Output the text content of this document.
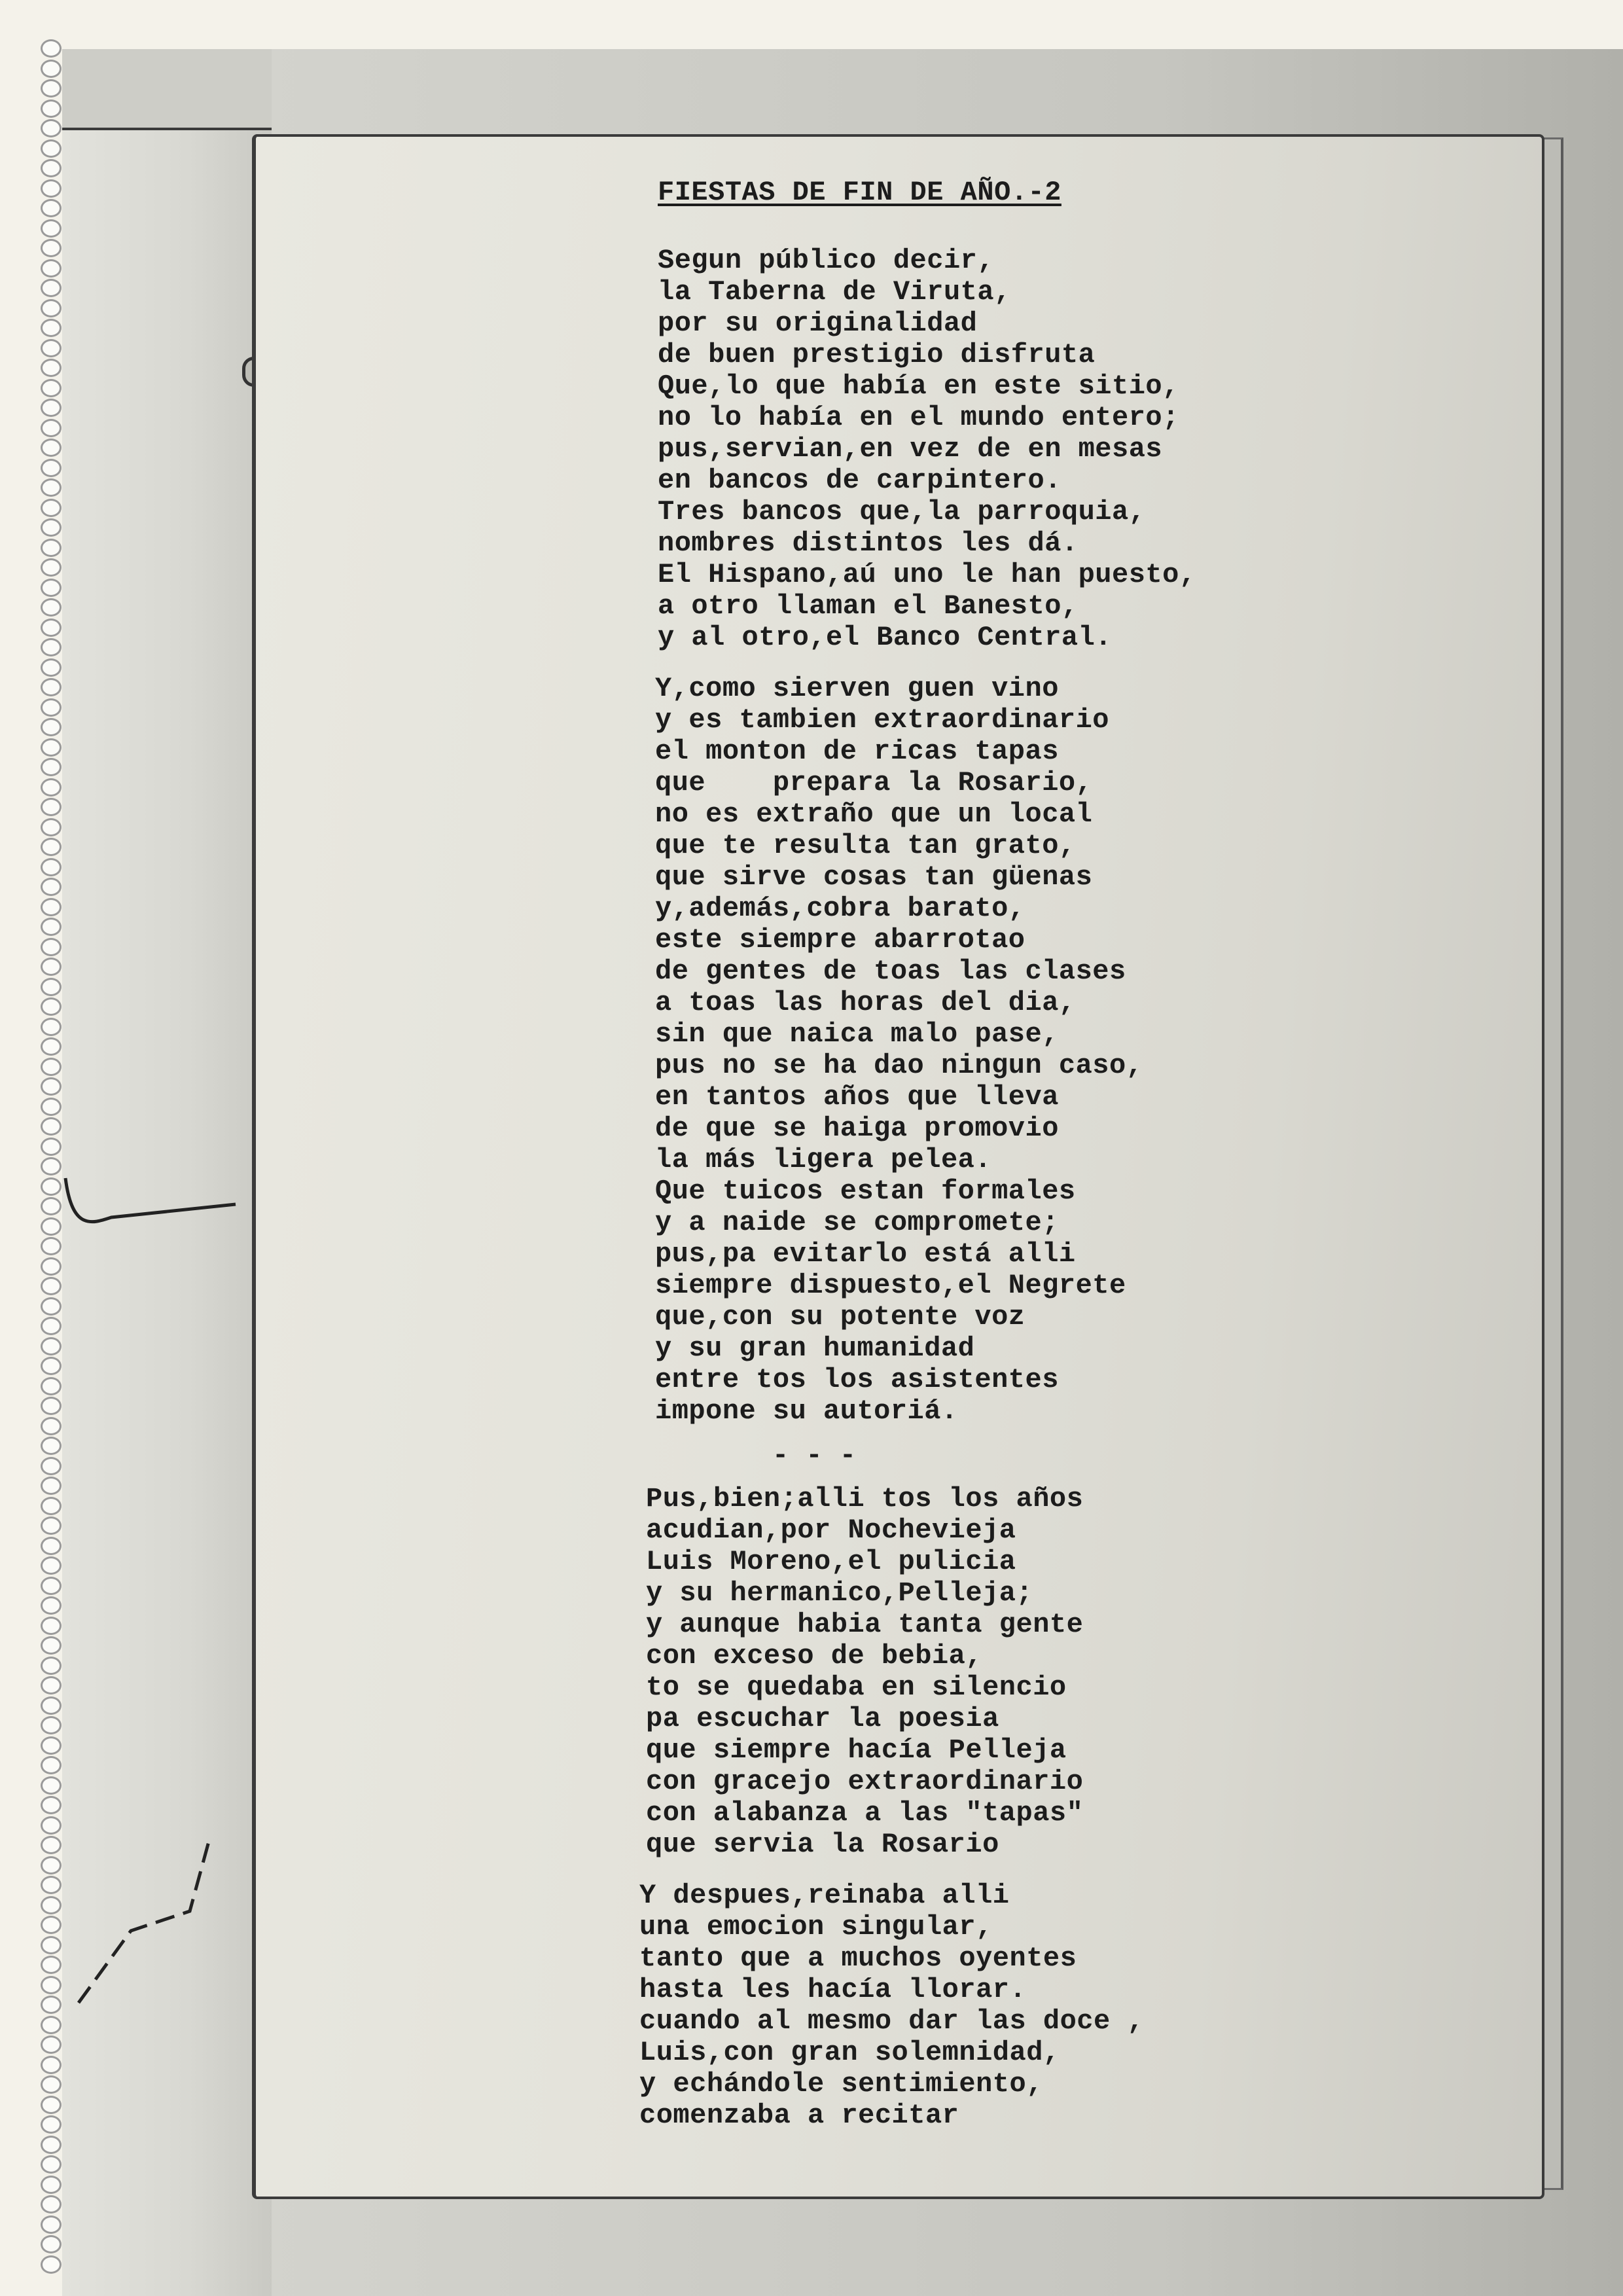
FIESTAS DE FIN DE AÑO.-2
Segun público decir,
la Taberna de Viruta,
por su originalidad
de buen prestigio disfruta
Que,lo que había en este sitio,
no lo había en el mundo entero;
pus,servian,en vez de en mesas
en bancos de carpintero.
Tres bancos que,la parroquia,
nombres distintos les dá.
El Hispano,aú uno le han puesto,
a otro llaman el Banesto,
y al otro,el Banco Central.
Y,como sierven guen vino
y es tambien extraordinario
el monton de ricas tapas
que    prepara la Rosario,
no es extraño que un local
que te resulta tan grato,
que sirve cosas tan güenas
y,además,cobra barato,
este siempre abarrotao
de gentes de toas las clases
a toas las horas del dia,
sin que naica malo pase,
pus no se ha dao ningun caso,
en tantos años que lleva
de que se haiga promovio
la más ligera pelea.
Que tuicos estan formales
y a naide se compromete;
pus,pa evitarlo está alli
siempre dispuesto,el Negrete
que,con su potente voz
y su gran humanidad
entre tos los asistentes
impone su autoriá.
- - -
Pus,bien;alli tos los años
acudian,por Nochevieja
Luis Moreno,el pulicia
y su hermanico,Pelleja;
y aunque habia tanta gente
con exceso de bebia,
to se quedaba en silencio
pa escuchar la poesia
que siempre hacía Pelleja
con gracejo extraordinario
con alabanza a las "tapas"
que servia la Rosario
Y despues,reinaba alli
una emocion singular,
tanto que a muchos oyentes
hasta les hacía llorar.
cuando al mesmo dar las doce ,
Luis,con gran solemnidad,
y echándole sentimiento,
comenzaba a recitar
